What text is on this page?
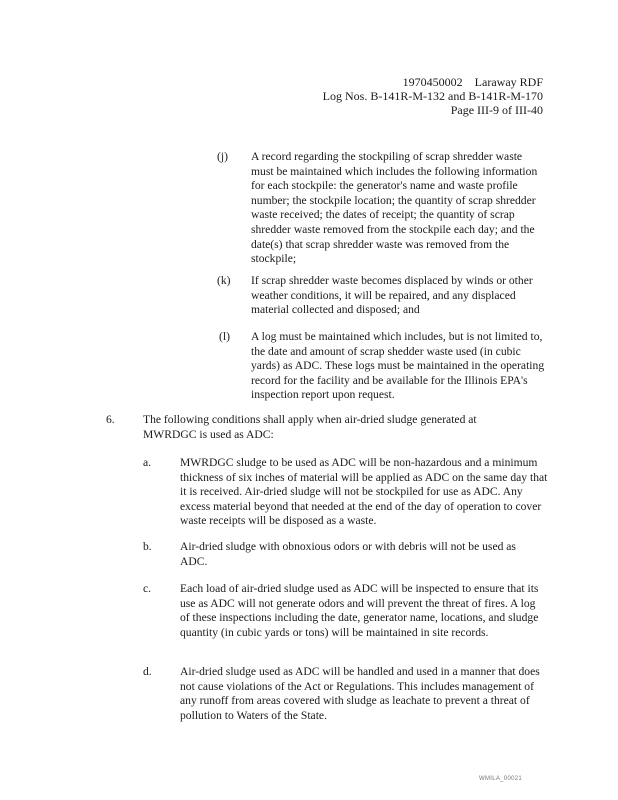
1970450002    Laraway RDF
Log Nos. B-141R-M-132 and B-141R-M-170
Page III-9 of III-40
(j) A record regarding the stockpiling of scrap shredder waste must be maintained which includes the following information for each stockpile: the generator's name and waste profile number; the stockpile location; the quantity of scrap shredder waste received; the dates of receipt; the quantity of scrap shredder waste removed from the stockpile each day; and the date(s) that scrap shredder waste was removed from the stockpile;
(k) If scrap shredder waste becomes displaced by winds or other weather conditions, it will be repaired, and any displaced material collected and disposed; and
(l) A log must be maintained which includes, but is not limited to, the date and amount of scrap shedder waste used (in cubic yards) as ADC. These logs must be maintained in the operating record for the facility and be available for the Illinois EPA's inspection report upon request.
6. The following conditions shall apply when air-dried sludge generated at MWRDGC is used as ADC:
a. MWRDGC sludge to be used as ADC will be non-hazardous and a minimum thickness of six inches of material will be applied as ADC on the same day that it is received. Air-dried sludge will not be stockpiled for use as ADC. Any excess material beyond that needed at the end of the day of operation to cover waste receipts will be disposed as a waste.
b. Air-dried sludge with obnoxious odors or with debris will not be used as ADC.
c. Each load of air-dried sludge used as ADC will be inspected to ensure that its use as ADC will not generate odors and will prevent the threat of fires. A log of these inspections including the date, generator name, locations, and sludge quantity (in cubic yards or tons) will be maintained in site records.
d. Air-dried sludge used as ADC will be handled and used in a manner that does not cause violations of the Act or Regulations. This includes management of any runoff from areas covered with sludge as leachate to prevent a threat of pollution to Waters of the State.
WMILA_00021
